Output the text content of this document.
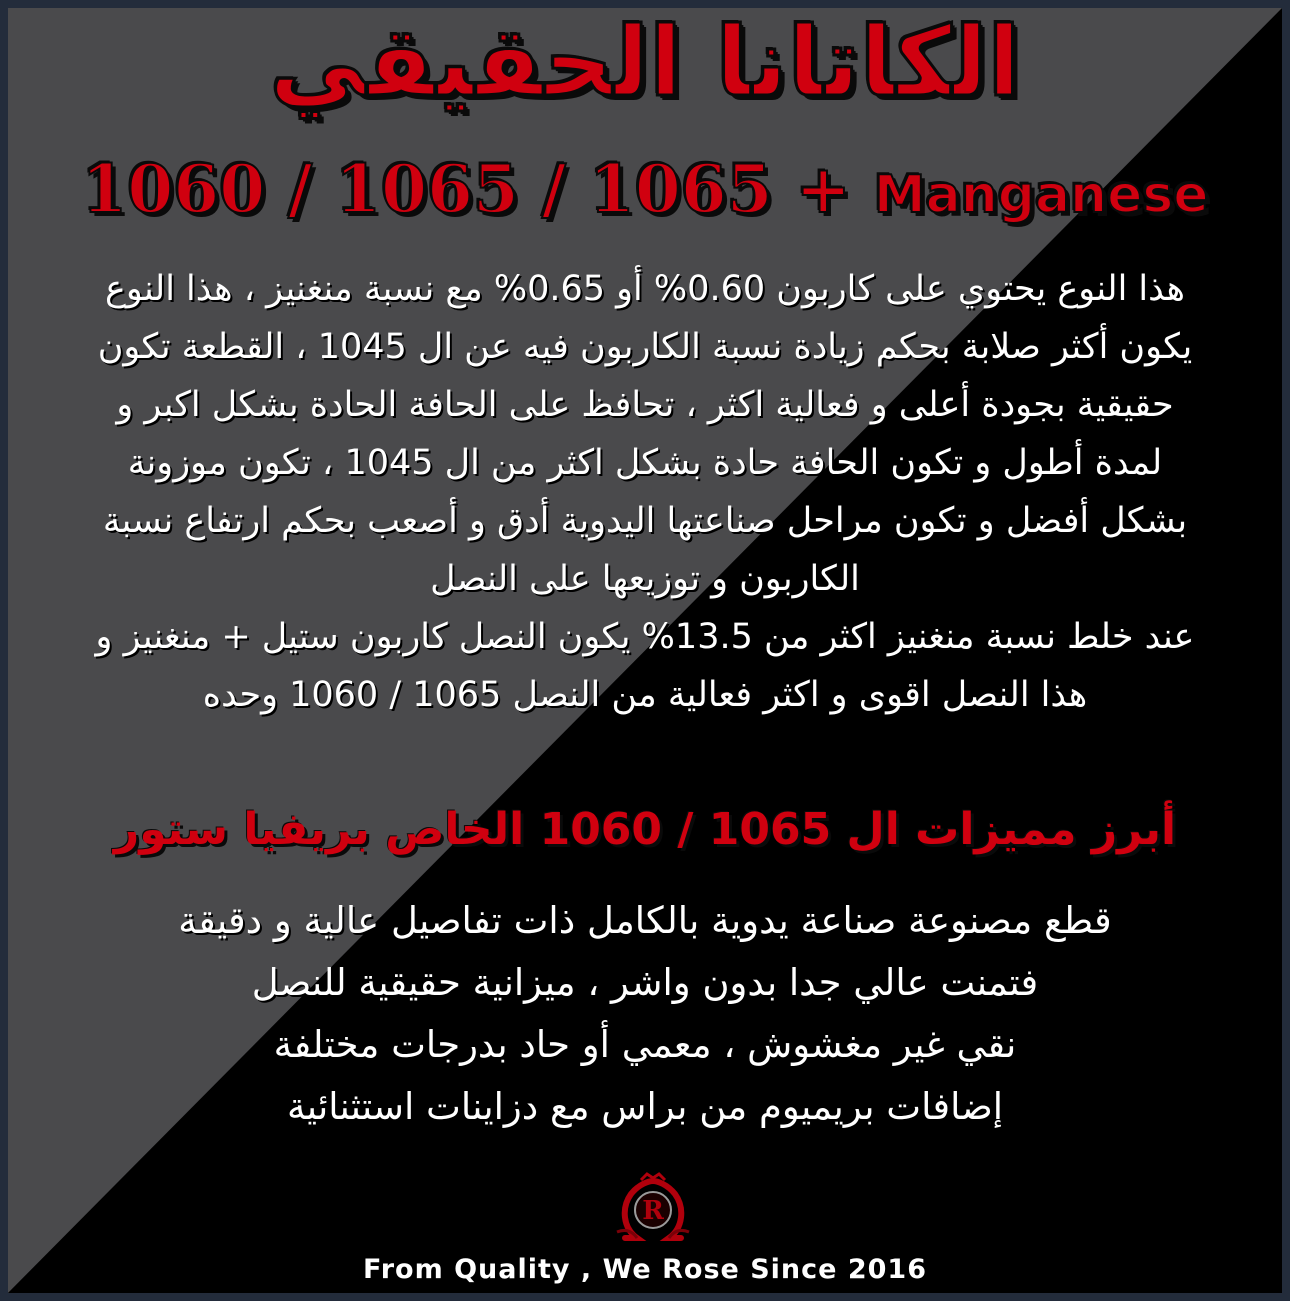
الكاتانا الحقيقي
1060 / 1065 / 1065 + Manganese
هذا النوع يحتوي على كاربون 0.60% أو 0.65% مع نسبة منغنيز ، هذا النوع
يكون أكثر صلابة بحكم زيادة نسبة الكاربون فيه عن ال 1045 ، القطعة تكون
حقيقية بجودة أعلى و فعالية اكثر ، تحافظ على الحافة الحادة بشكل اكبر و
لمدة أطول و تكون الحافة حادة بشكل اكثر من ال 1045 ، تكون موزونة
بشكل أفضل و تكون مراحل صناعتها اليدوية أدق و أصعب بحكم ارتفاع نسبة
الكاربون و توزيعها على النصل
عند خلط نسبة منغنيز اكثر من 13.5% يكون النصل كاربون ستيل + منغنيز و
هذا النصل اقوى و اكثر فعالية من النصل 1065 / 1060 وحده
أبرز مميزات ال 1065 / 1060 الخاص بريفيا ستور
قطع مصنوعة صناعة يدوية بالكامل ذات تفاصيل عالية و دقيقة
فتمنت عالي جدا بدون واشر ، ميزانية حقيقية للنصل
نقي غير مغشوش ، معمي أو حاد بدرجات مختلفة
إضافات بريميوم من براس مع دزاينات استثنائية
R
From Quality , We Rose Since 2016
